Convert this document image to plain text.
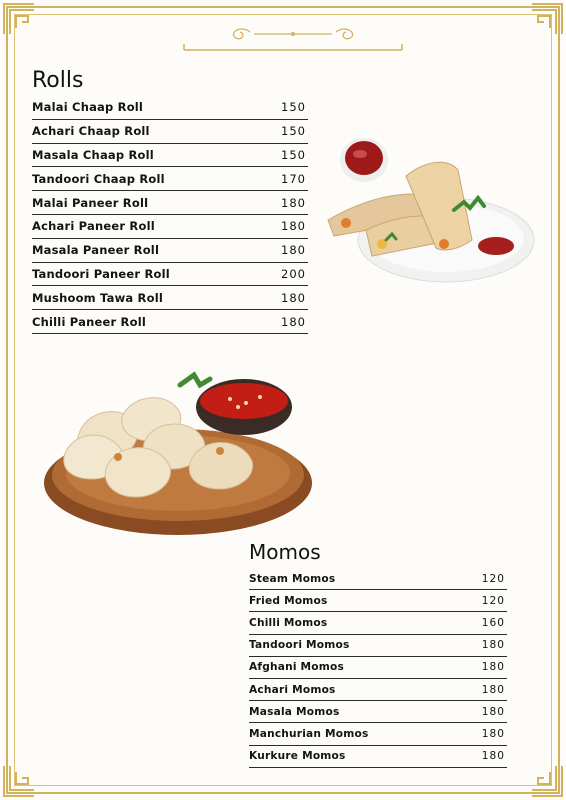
Rolls
Malai Chaap Roll	150
Achari Chaap Roll	150
Masala Chaap Roll	150
Tandoori Chaap Roll	170
Malai Paneer Roll	180
Achari Paneer Roll	180
Masala Paneer Roll	180
Tandoori Paneer Roll	200
Mushoom Tawa Roll	180
Chilli Paneer Roll	180
Momos
Steam Momos	120
Fried Momos	120
Chilli Momos	160
Tandoori Momos	180
Afghani Momos	180
Achari Momos	180
Masala Momos	180
Manchurian Momos	180
Kurkure Momos	180
